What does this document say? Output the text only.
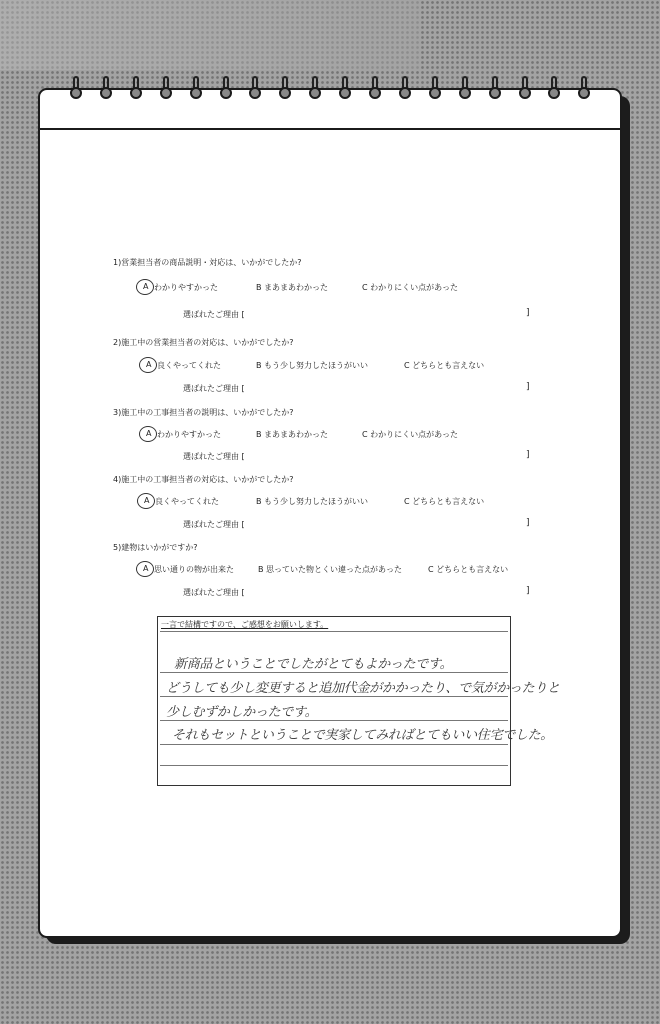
1)営業担当者の商品説明・対応は、いかがでしたか?
A わかりやすかった	B まあまあわかった	C わかりにくい点があった
選ばれたご理由 [	]
2)施工中の営業担当者の対応は、いかがでしたか?
A 良くやってくれた	B もう少し努力したほうがいい	C どちらとも言えない
選ばれたご理由 [	]
3)施工中の工事担当者の説明は、いかがでしたか?
A わかりやすかった	B まあまあわかった	C わかりにくい点があった
選ばれたご理由 [	]
4)施工中の工事担当者の対応は、いかがでしたか?
A 良くやってくれた	B もう少し努力したほうがいい	C どちらとも言えない
選ばれたご理由 [	]
5)建物はいかがですか?
A 思い通りの物が出来た	B 思っていた物とくい違った点があった	C どちらとも言えない
選ばれたご理由 [	]
一言で結構ですので、ご感想をお願いします。
新商品ということでしたがとてもよかったです。
どうしても少し変更すると追加代金がかかったり、で気がかったりと
少しむずかしかったです。
それもセットということで実家してみればとてもいい住宅でした。
